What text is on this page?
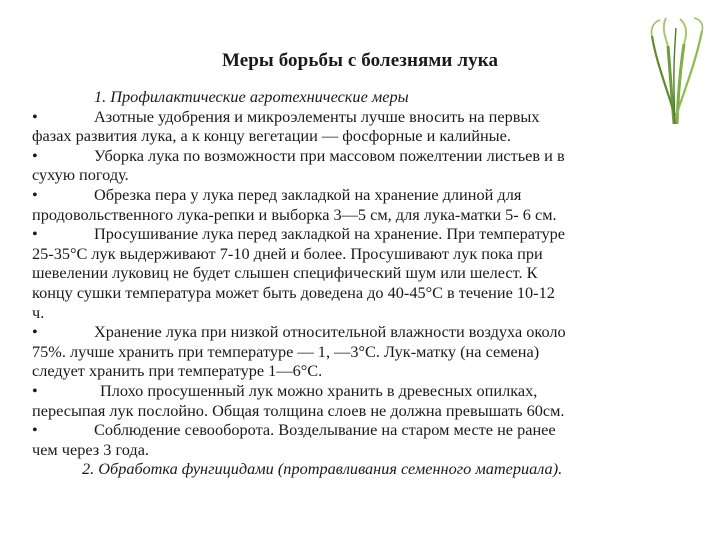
Меры борьбы с болезнями лука
1. Профилактические агротехнические меры
•	Азотные удобрения и микроэлементы лучше вносить на первых
фазах развития лука, а к концу вегетации — фосфорные и калийные.
•	Уборка лука по возможности при массовом пожелтении листьев и в
сухую погоду.
•	Обрезка пера у лука перед закладкой на хранение длиной для
продовольственного лука-репки и выборка 3—5 см, для лука-матки 5- 6 см.
•	Просушивание лука перед закладкой на хранение. При температуре
25-35°С лук выдерживают 7-10 дней и более. Просушивают лук пока при
шевелении луковиц не будет слышен специфический шум или шелест. К
концу сушки температура может быть доведена до 40-45°С в течение 10-12
ч.
•	Хранение лука при низкой относительной влажности воздуха около
75%. лучше хранить при температуре — 1, —3°С. Лук-матку (на семена)
следует хранить при температуре 1—6°С.
•	Плохо просушенный лук можно хранить в древесных опилках,
пересыпая лук послойно. Общая толщина слоев не должна превышать 60см.
•	Соблюдение севооборота. Возделывание на старом месте не ранее
чем через 3 года.
2. Обработка фунгицидами (протравливания семенного материала).
